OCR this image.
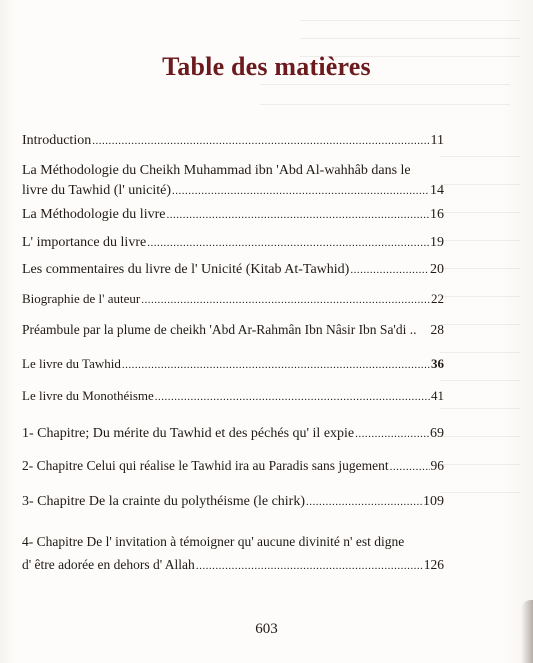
Table des matières
Introduction .....	11
La Méthodologie du Cheikh Muhammad ibn 'Abd Al-wahhâb dans le
livre du Tawhid (l' unicité) .....	14
La Méthodologie du livre .....	16
L' importance du livre .....	19
Les commentaires du livre de l' Unicité (Kitab At-Tawhid) .....	20
Biographie de l' auteur .....	22
Préambule par la plume de cheikh 'Abd Ar-Rahmân Ibn Nâsir Ibn Sa'di .. 28
Le livre du Tawhid .....	36
Le livre du Monothéisme .....	41
1- Chapitre; Du mérite du Tawhid et des péchés qu' il expie .....	69
2- Chapitre Celui qui réalise le Tawhid ira au Paradis sans jugement .....	96
3- Chapitre De la crainte du polythéisme (le chirk) .....	109
4- Chapitre De l' invitation à témoigner qu' aucune divinité n' est digne
d' être adorée en dehors d' Allah .....	126
603
